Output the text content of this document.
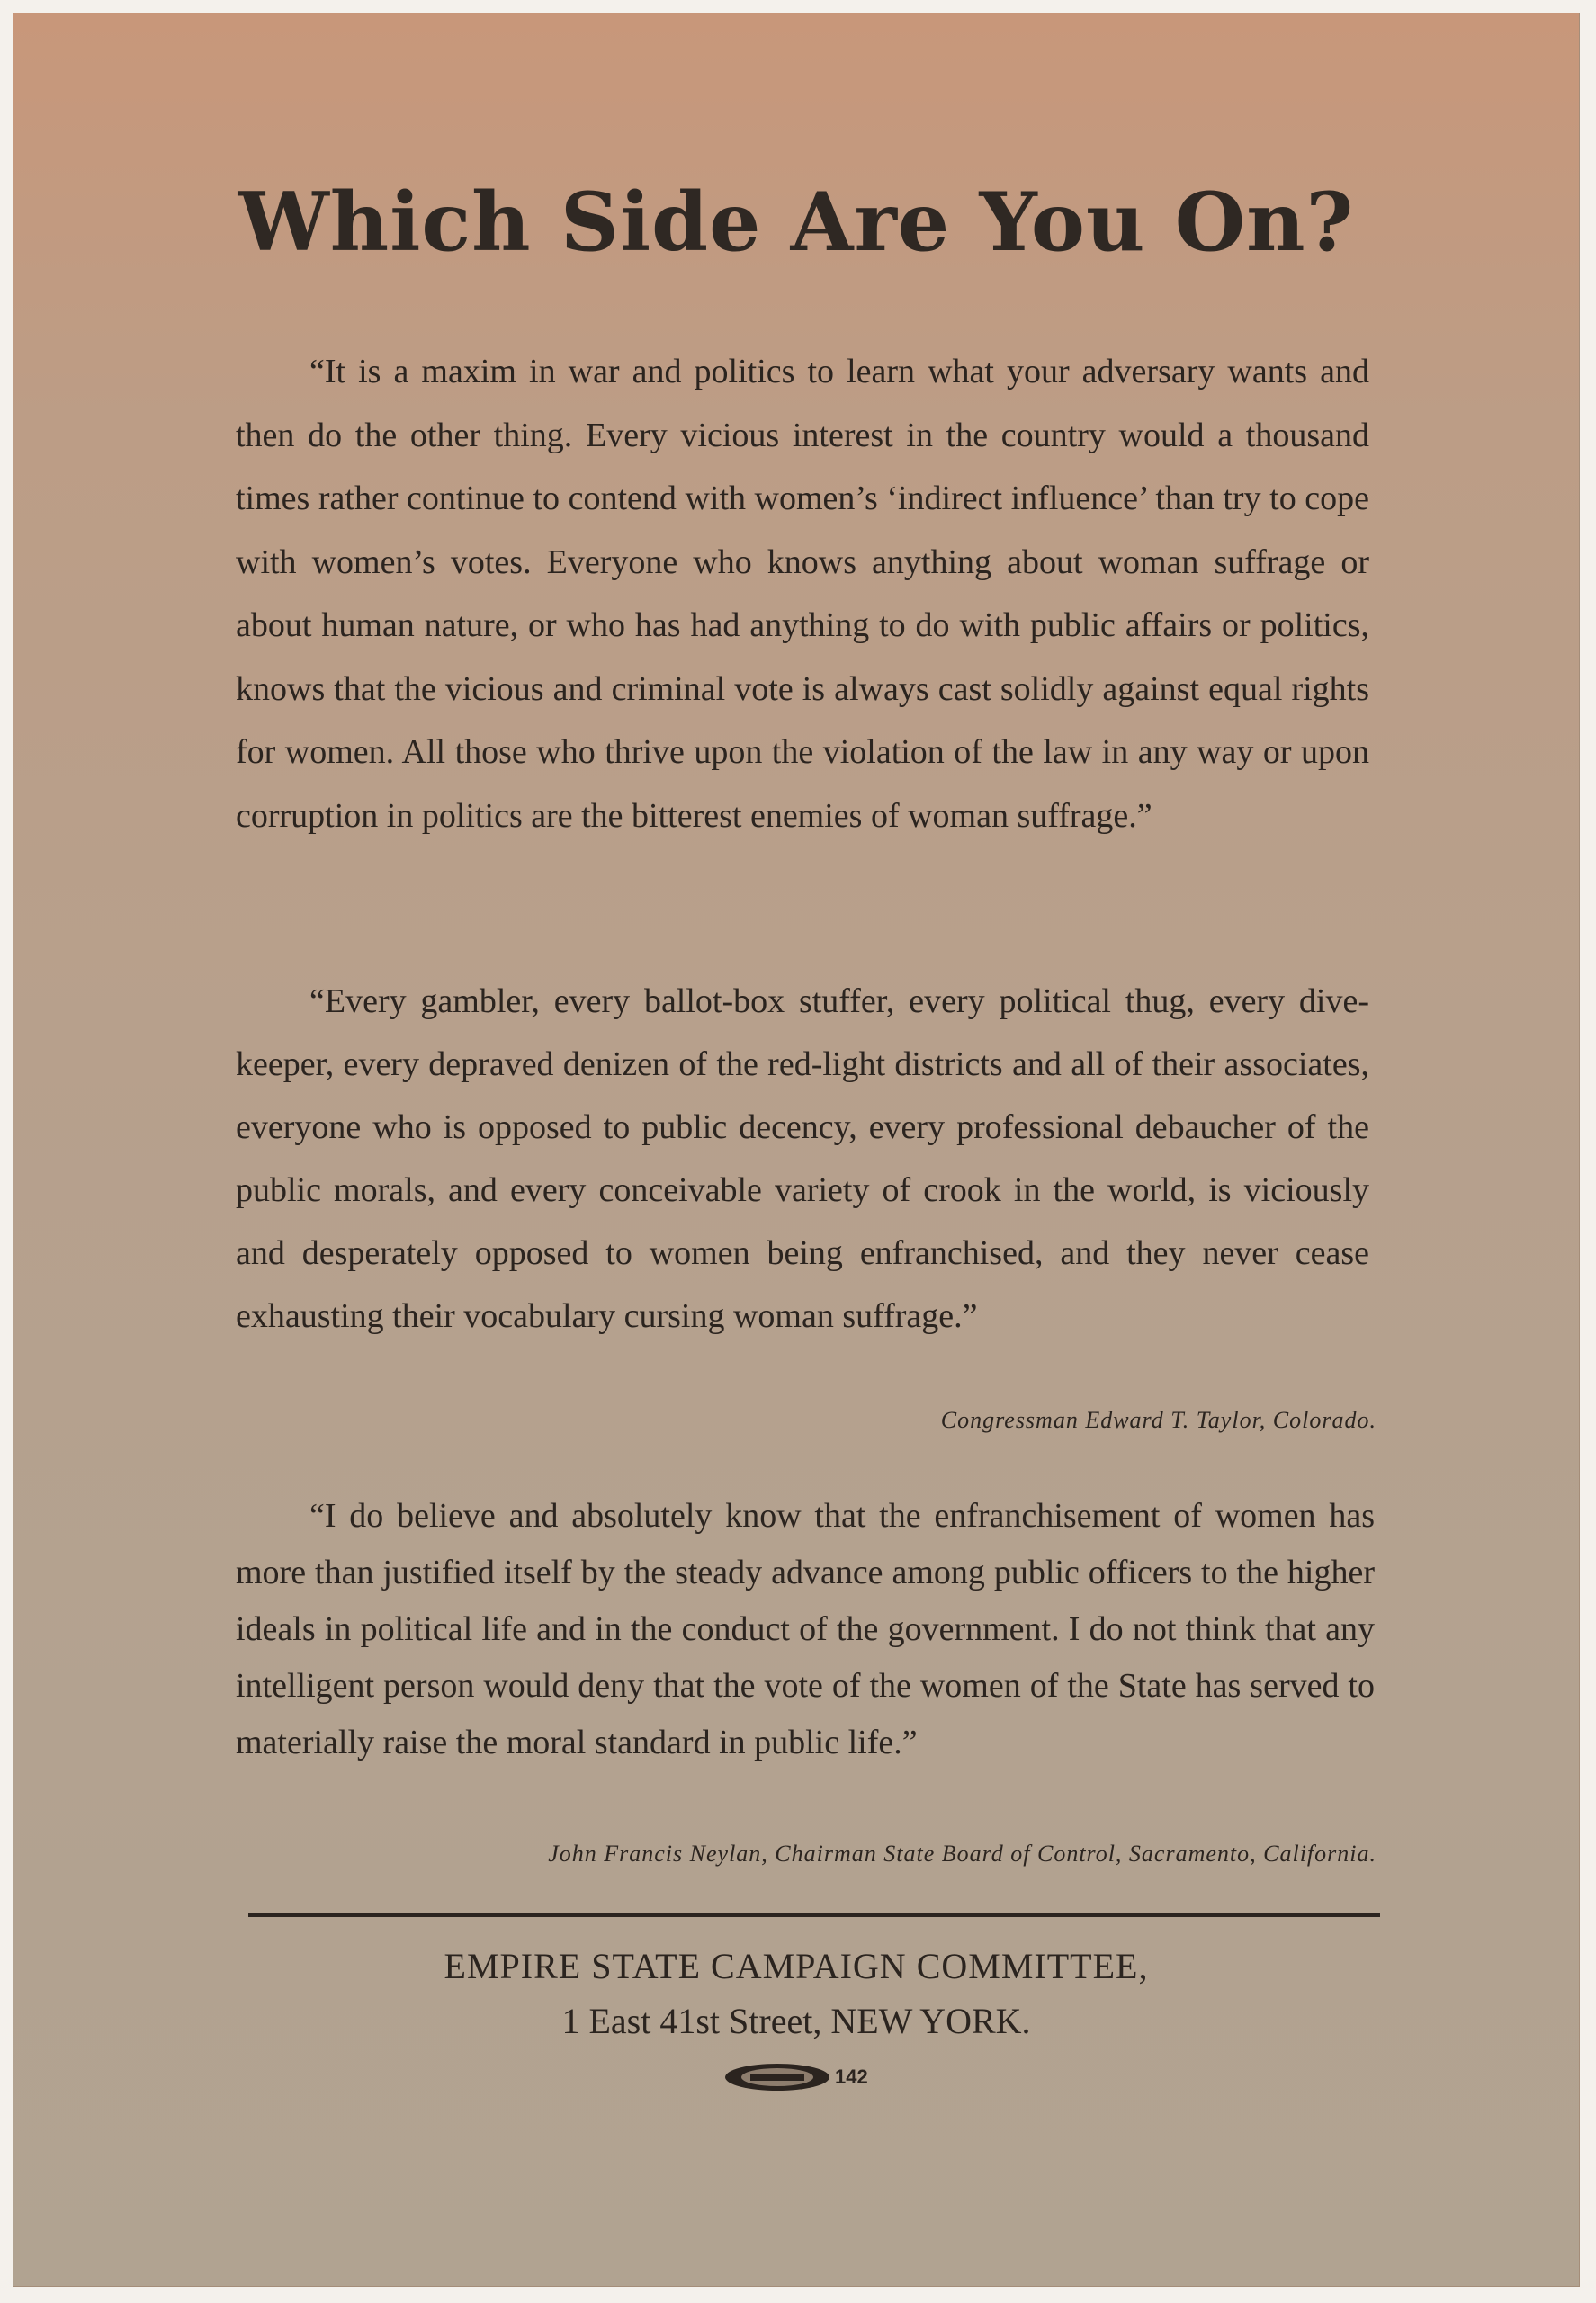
Which Side Are You On?

“It is a maxim in war and politics to learn what your adversary wants and then do the other thing. Every vicious interest in the country would a thousand times rather continue to contend with women’s ‘indirect influence’ than try to cope with women’s votes. Everyone who knows anything about woman suffrage or about human nature, or who has had anything to do with public affairs or politics, knows that the vicious and criminal vote is always cast solidly against equal rights for women. All those who thrive upon the violation of the law in any way or upon corruption in politics are the bitterest enemies of woman suffrage.”

“Every gambler, every ballot-box stuffer, every political thug, every dive-keeper, every depraved denizen of the red-light districts and all of their associates, everyone who is opposed to public decency, every professional debaucher of the public morals, and every conceivable variety of crook in the world, is viciously and desperately opposed to women being enfranchised, and they never cease exhausting their vocabulary cursing woman suffrage.”

Congressman Edward T. Taylor, Colorado.

“I do believe and absolutely know that the enfranchisement of women has more than justified itself by the steady advance among public officers to the higher ideals in political life and in the conduct of the government. I do not think that any intelligent person would deny that the vote of the women of the State has served to materially raise the moral standard in public life.”

John Francis Neylan, Chairman State Board of Control, Sacramento, California.

EMPIRE STATE CAMPAIGN COMMITTEE,

1 East 41st Street, NEW YORK.

142
